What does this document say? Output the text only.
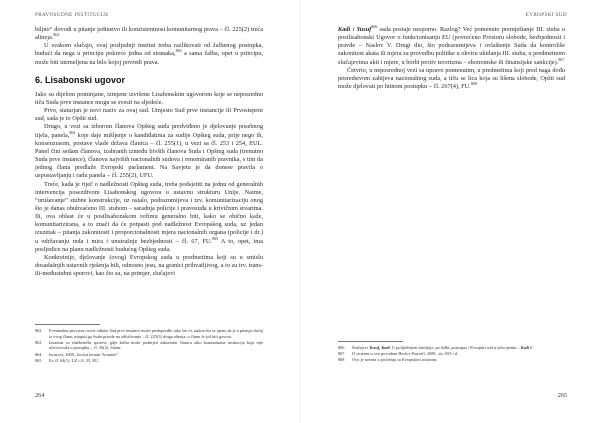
PRAVOSUDNE INSTITUCIJE

biljno“ dovodi u pitanje jedinstvo ili konzistentnost komunitarnog prava – čl. 225(2) treća alineja.$^{862}$

U svakom slučaju, ovaj posljednji institut treba razlikovati od žalbenog postupka, budući da nega u principu pokreće jedna od stranaka,$^{863}$ a sama žalba, opet u principu, može biti utemeljena na bilo kojoj povredi prava.

6. Lisabonski ugovor

Jako su dijelom pominjane, izmjene izvršene Lisabonskim ugovorom koje se neposredno tiču Suda prve instance mogu se svesti na sljedeće.

Prvo, staturjan je novi naziv za ovaj sud. Umjesto Sud prve instancije ili Prvostepeni sud, sada je to Opšti sud.

Drugo, u vezi sa izborom članova Opšteg suda predviđeno je djelovanje posebnog tijela, panela,$^{864}$ koje daje mišljenje o kandidatima za sudije Opšteg suda, prije nego ih, konsenzusom, postave vlade država članica – čl. 255(1), u vezi sa čl. 253 i 254, EUL. Panel čini sedam članova, izabranih između bivših članova Suda i Opšteg suda (trenutno Suda prve instance), članova najviših nacionalnih sudova i renomiranih pravnika, s tim da jednog člana predlaže Evropski parlament. Na Savjetu je da donese pravila o uspostavljanju i radu panela – čl. 255(2), UFU.

Treće, kada je riječ o nadležnosti Opšteg suda, treba podsjetiti na jednu od generalnih intervencija posezdtvom Lisabonskog ugovora u ustavnu strukturu Unije. Naime, “urušavanje” stubne konstrukcije, uz ostalo, podrazumijeva i tzv. komunitarizaciju onog što je danas obuhvaćeno III. stubom – saradnja policije i pravosuđa u krivičnim stvarima. Ili, ova oblast će u postlisabonskom režimu generalno biti, kako se obično kaže, komunitarizirana, a to znači da će potpasti pod nadležnost Evropskog suda, uz jedan izuzetak – pitanja zakonitosti i proporcionalnosti mjera nacionalnih organa (policije i dr.) u održavanju reda i mira i unutrašnje bezbjednosti – čl. 67, FU.$^{865}$ A to, opet, ima posljedice na planu nadležnosti budućeg Opšteg suda.

Konkretnije, djelovanje (ovog) Evropskog suda u predmetima koji su u smislu dosadašnjih ustavnih rješenja bili, odnosno jesu, na granici prihvatljivog, a to su trv. trans-ili-međustubni sporovi, kao što su, na primjer, slučajevi

862	Eventualnu provjeru ovoće odluke Sud prve instance može predupređiti tako što će, nakon što se ujeno da je u pitanju slučaj iz ovog člana, ustupiti ga Sudu pravde na odlučivanje – čl. 225(3) druga alineja, u članu će još biti govora.
863	Izuzetak su službenički sporovi, gdje žalbu može podnijeti zakonitim članica tako komunitarna institucija koja nije učestvovala u postupku – čl. 56(2), Statut.
864	Izrazovi, 2008., koristi termin “komitet”.
865	Ex čl. 64(1), UZ i čl. 35, EU.
264
EVROPSKI SUD

Kadi i Yusuf$^{866}$ sada postaje nesporno. Razlog? Već pomenuto premještanje III. stuba u postlisabonski Ugovor o funkcionisanju EU (povrećeno Prostoru slobode, bezbjednosti i pravde – Naslov V. Drugi dio, što podrazumijeva i ovlaštenje Suda da kontroliše zakonitost akata ili mjera za provedbu politike u okviru ukidanja III. stuba, u predmetnom slučajevima akti i mjere, u borbi protiv terorizma – ekonomske ili finansijske sankcije).$^{867}$

Četvrto, u neposrednoj vezi sa upravo pomenutim, u predmetima koji pred naga dođu posredstvom zahtjeva nacionalnog suda, a tiču se lica koja su lišena slobode, Opšti sud može djelovati po hitnom postupku – čl. 267(4), FU.$^{868}$

866	Slučajevi Yusuf, Kadi. U posljednjem slučajuje, po žalbi, postupao i Evropski sud u izdvojenim – Kadi I.
867	O sistemu u ovo povodom Herfov-Kursell, 2008., str. 655 i sl.
868	Ovo je novina u pisičenju sa Evropskim ustavom.
265
